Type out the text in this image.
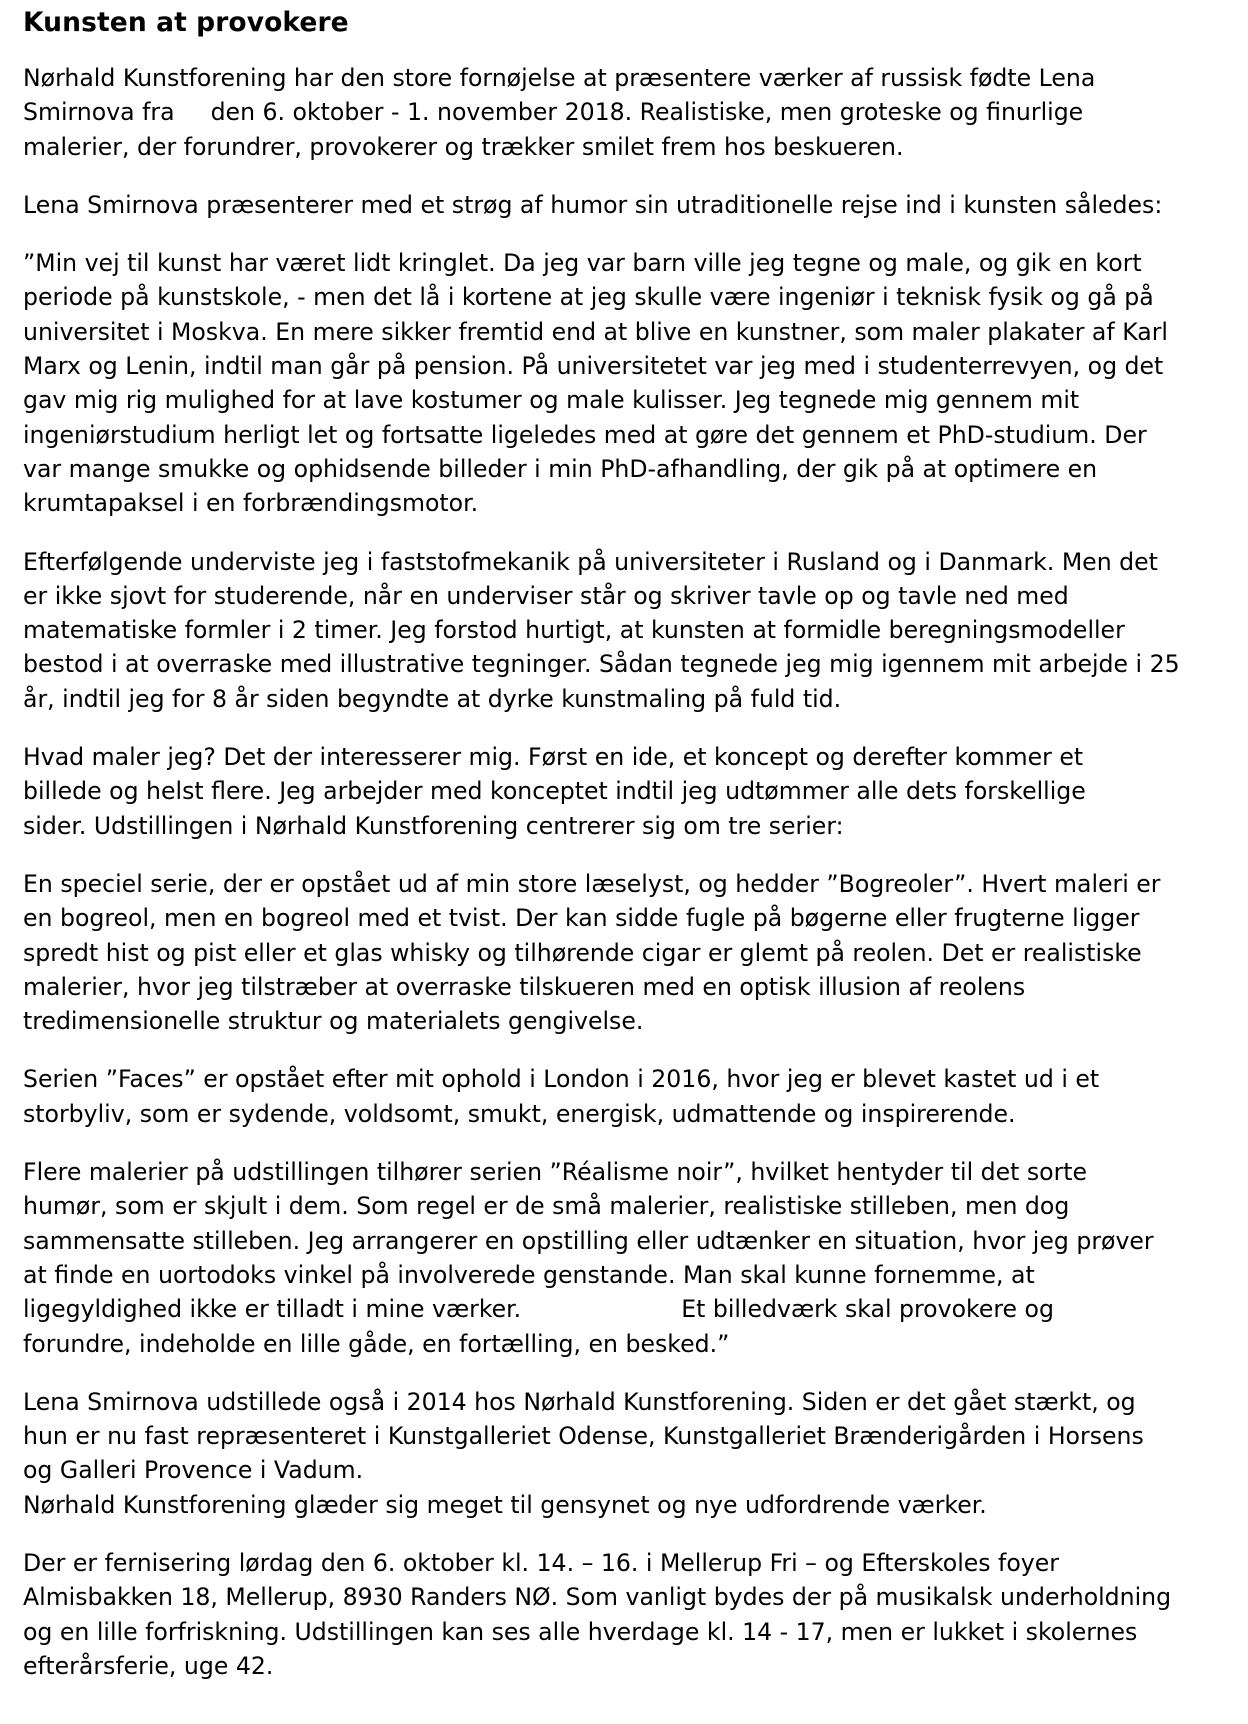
Kunsten at provokere
Nørhald Kunstforening har den store fornøjelse at præsentere værker af russisk fødte Lena
Smirnova fra den 6. oktober - 1. november 2018. Realistiske, men groteske og finurlige
malerier, der forundrer, provokerer og trækker smilet frem hos beskueren.
Lena Smirnova præsenterer med et strøg af humor sin utraditionelle rejse ind i kunsten således:
”Min vej til kunst har været lidt kringlet. Da jeg var barn ville jeg tegne og male, og gik en kort
periode på kunstskole, - men det lå i kortene at jeg skulle være ingeniør i teknisk fysik og gå på
universitet i Moskva. En mere sikker fremtid end at blive en kunstner, som maler plakater af Karl
Marx og Lenin, indtil man går på pension. På universitetet var jeg med i studenterrevyen, og det
gav mig rig mulighed for at lave kostumer og male kulisser. Jeg tegnede mig gennem mit
ingeniørstudium herligt let og fortsatte ligeledes med at gøre det gennem et PhD-studium. Der
var mange smukke og ophidsende billeder i min PhD-afhandling, der gik på at optimere en
krumtapaksel i en forbrændingsmotor.
Efterfølgende underviste jeg i faststofmekanik på universiteter i Rusland og i Danmark. Men det
er ikke sjovt for studerende, når en underviser står og skriver tavle op og tavle ned med
matematiske formler i 2 timer. Jeg forstod hurtigt, at kunsten at formidle beregningsmodeller
bestod i at overraske med illustrative tegninger. Sådan tegnede jeg mig igennem mit arbejde i 25
år, indtil jeg for 8 år siden begyndte at dyrke kunstmaling på fuld tid.
Hvad maler jeg? Det der interesserer mig. Først en ide, et koncept og derefter kommer et
billede og helst flere. Jeg arbejder med konceptet indtil jeg udtømmer alle dets forskellige
sider. Udstillingen i Nørhald Kunstforening centrerer sig om tre serier:
En speciel serie, der er opstået ud af min store læselyst, og hedder ”Bogreoler”. Hvert maleri er
en bogreol, men en bogreol med et tvist. Der kan sidde fugle på bøgerne eller frugterne ligger
spredt hist og pist eller et glas whisky og tilhørende cigar er glemt på reolen. Det er realistiske
malerier, hvor jeg tilstræber at overraske tilskueren med en optisk illusion af reolens
tredimensionelle struktur og materialets gengivelse.
Serien ”Faces” er opstået efter mit ophold i London i 2016, hvor jeg er blevet kastet ud i et
storbyliv, som er sydende, voldsomt, smukt, energisk, udmattende og inspirerende.
Flere malerier på udstillingen tilhører serien ”Réalisme noir”, hvilket hentyder til det sorte
humør, som er skjult i dem. Som regel er de små malerier, realistiske stilleben, men dog
sammensatte stilleben. Jeg arrangerer en opstilling eller udtænker en situation, hvor jeg prøver
at finde en uortodoks vinkel på involverede genstande. Man skal kunne fornemme, at
ligegyldighed ikke er tilladt i mine værker.	Et billedværk skal provokere og
forundre, indeholde en lille gåde, en fortælling, en besked.”
Lena Smirnova udstillede også i 2014 hos Nørhald Kunstforening. Siden er det gået stærkt, og
hun er nu fast repræsenteret i Kunstgalleriet Odense, Kunstgalleriet Brænderigården i Horsens
og Galleri Provence i Vadum.
Nørhald Kunstforening glæder sig meget til gensynet og nye udfordrende værker.
Der er fernisering lørdag den 6. oktober kl. 14. – 16. i Mellerup Fri – og Efterskoles foyer
Almisbakken 18, Mellerup, 8930 Randers NØ. Som vanligt bydes der på musikalsk underholdning
og en lille forfriskning. Udstillingen kan ses alle hverdage kl. 14 - 17, men er lukket i skolernes
efterårsferie, uge 42.
